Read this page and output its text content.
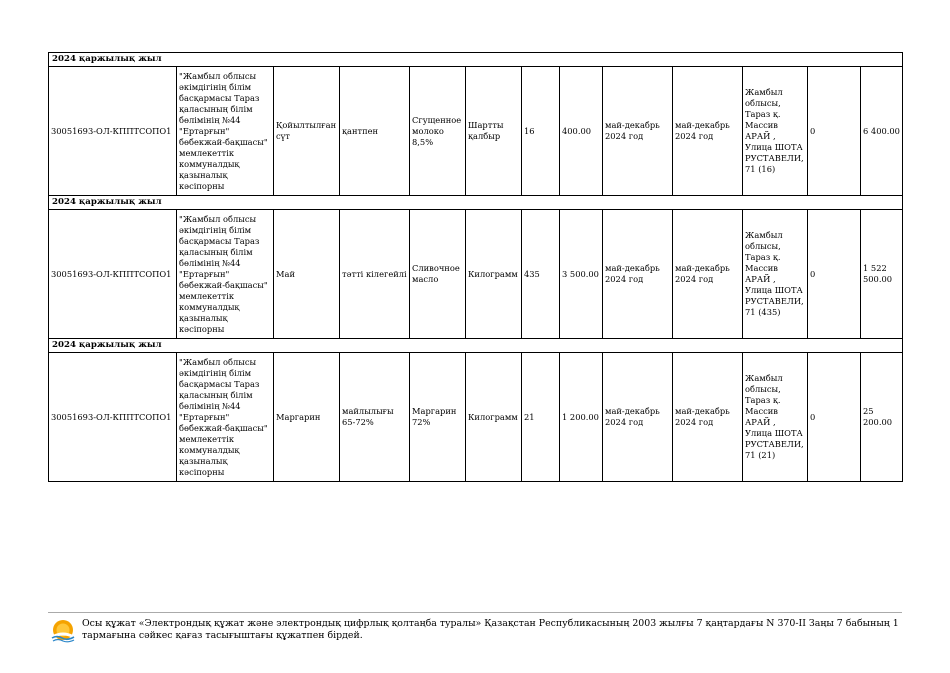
2024 қаржылық жыл												
30051693-ОЛ-КППТСОПО1	"Жамбыл облысы әкімдігінің білім басқармасы Тараз қаласының білім бөлімінің №44 "Ертарғын" бөбекжай-бақшасы" мемлекеттік коммуналдық қазыналық кәсіпорны	Қойылтылған сүт	қантпен	Сгущенное молоко 8,5%	Шартты қалбыр	16	400.00	май-декабрь 2024 год	май-декабрь 2024 год	Жамбыл облысы, Тараз қ. Массив АРАЙ , Улица ШОТА РУСТАВЕЛИ, 71 (16)	0	6 400.00
2024 қаржылық жыл												
30051693-ОЛ-КППТСОПО1	"Жамбыл облысы әкімдігінің білім басқармасы Тараз қаласының білім бөлімінің №44 "Ертарғын" бөбекжай-бақшасы" мемлекеттік коммуналдық қазыналық кәсіпорны	Май	тәтті кілегейлі	Сливочное масло	Килограмм	435	3 500.00	май-декабрь 2024 год	май-декабрь 2024 год	Жамбыл облысы, Тараз қ. Массив АРАЙ , Улица ШОТА РУСТАВЕЛИ, 71 (435)	0	1 522 500.00
2024 қаржылық жыл												
30051693-ОЛ-КППТСОПО1	"Жамбыл облысы әкімдігінің білім басқармасы Тараз қаласының білім бөлімінің №44 "Ертарғын" бөбекжай-бақшасы" мемлекеттік коммуналдық қазыналық кәсіпорны	Маргарин	майлылығы 65-72%	Маргарин 72%	Килограмм	21	1 200.00	май-декабрь 2024 год	май-декабрь 2024 год	Жамбыл облысы, Тараз қ. Массив АРАЙ , Улица ШОТА РУСТАВЕЛИ, 71 (21)	0	25 200.00
Осы құжат «Электрондық құжат және электрондық цифрлық қолтаңба туралы» Қазақстан Республикасының 2003 жылғы 7 қаңтардағы N 370-II Заңы 7 бабының 1 тармағына сәйкес қағаз тасығыштағы құжатпен бірдей.
